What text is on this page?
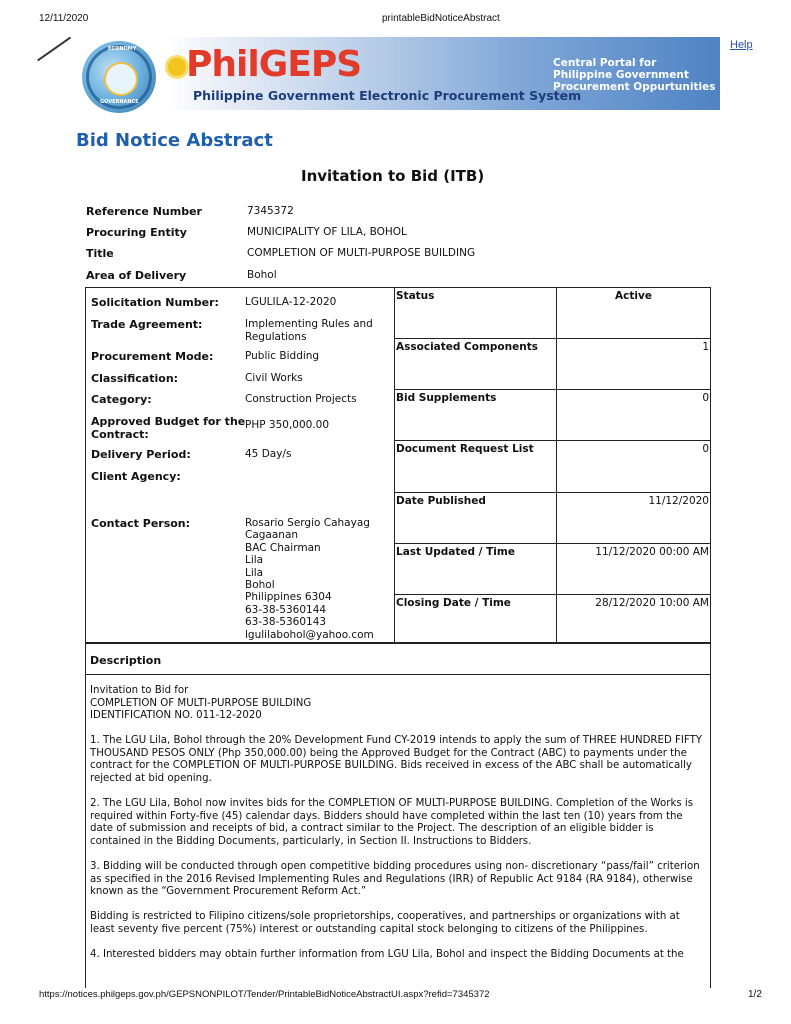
12/11/2020	printableBidNoticeAbstract
Help
ECONOMY
GOVERNANCE
PhilGEPS
Philippine Government Electronic Procurement System
Central Portal for
Philippine Government
Procurement Oppurtunities
Bid Notice Abstract
Invitation to Bid (ITB)
Reference Number	7345372
Procuring Entity	MUNICIPALITY OF LILA, BOHOL
Title	COMPLETION OF MULTI-PURPOSE BUILDING
Area of Delivery	Bohol
Solicitation Number: LGULILA-12-2020
Trade Agreement:	Implementing Rules and
Regulations
Procurement Mode:	Public Bidding
Classification:	Civil Works
Category:	Construction Projects
Approved Budget for the
Contract:
PHP 350,000.00
Delivery Period:	45 Day/s
Client Agency:
Contact Person:	Rosario Sergio Cahayag
Cagaanan
BAC Chairman
Lila
Lila
Bohol
Philippines 6304
63-38-5360144
63-38-5360143
lgulilabohol@yahoo.com
Status	Active
Associated Components	1
Bid Supplements	0
Document Request List	0
Date Published	11/12/2020
Last Updated / Time	11/12/2020 00:00 AM
Closing Date / Time	28/12/2020 10:00 AM
Description

Invitation to Bid for
COMPLETION OF MULTI-PURPOSE BUILDING
IDENTIFICATION NO. 011-12-2020

1. The LGU Lila, Bohol through the 20% Development Fund CY-2019 intends to apply the sum of THREE HUNDRED FIFTY THOUSAND PESOS ONLY (Php 350,000.00) being the Approved Budget for the Contract (ABC) to payments under the contract for the COMPLETION OF MULTI-PURPOSE BUILDING. Bids received in excess of the ABC shall be automatically rejected at bid opening.

2. The LGU Lila, Bohol now invites bids for the COMPLETION OF MULTI-PURPOSE BUILDING. Completion of the Works is required within Forty-five (45) calendar days. Bidders should have completed within the last ten (10) years from the date of submission and receipts of bid, a contract similar to the Project. The description of an eligible bidder is contained in the Bidding Documents, particularly, in Section II. Instructions to Bidders.

3. Bidding will be conducted through open competitive bidding procedures using non- discretionary “pass/fail” criterion as specified in the 2016 Revised Implementing Rules and Regulations (IRR) of Republic Act 9184 (RA 9184), otherwise known as the “Government Procurement Reform Act.”

Bidding is restricted to Filipino citizens/sole proprietorships, cooperatives, and partnerships or organizations with at least seventy five percent (75%) interest or outstanding capital stock belonging to citizens of the Philippines.

4. Interested bidders may obtain further information from LGU Lila, Bohol and inspect the Bidding Documents at the

https://notices.philgeps.gov.ph/GEPSNONPILOT/Tender/PrintableBidNoticeAbstractUI.aspx?refid=7345372	1/2
